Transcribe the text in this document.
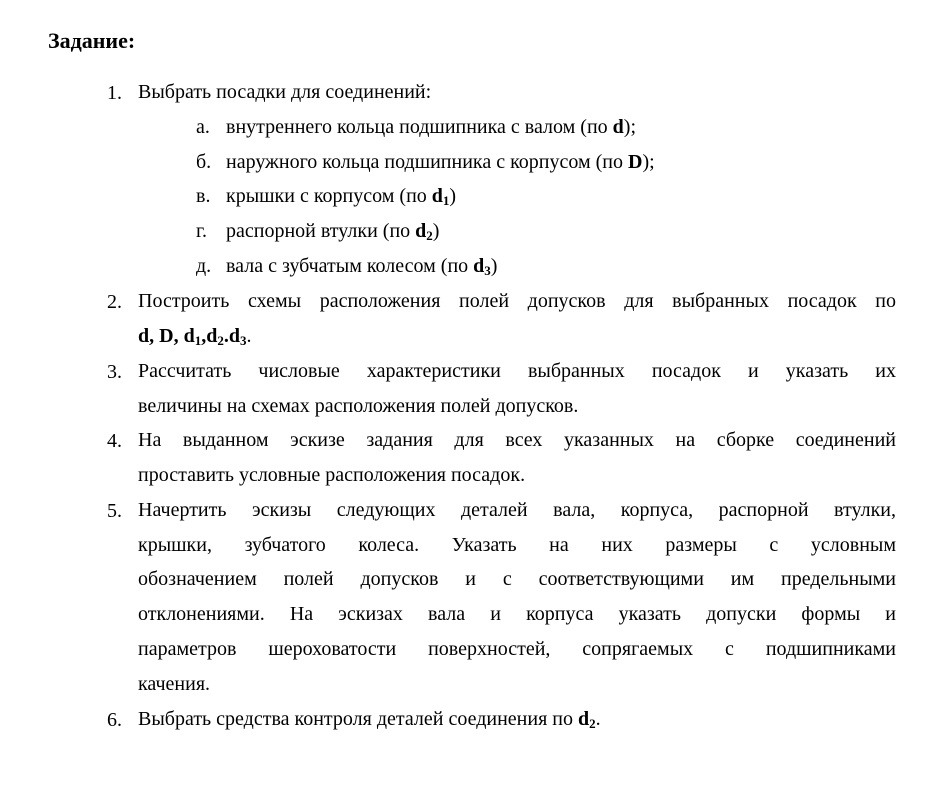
Задание:
1. Выбрать посадки для соединений:
а. внутреннего кольца подшипника с валом (по d);
б. наружного кольца подшипника с корпусом (по D);
в. крышки с корпусом (по $d_1$)
г. распорной втулки (по $d_2$)
д. вала с зубчатым колесом (по $d_3$)
2. Построить схемы расположения полей допусков для выбранных посадок по
d, D, $d_1,d_2.d_3$.
3. Рассчитать числовые характеристики выбранных посадок и указать их
величины на схемах расположения полей допусков.
4. На выданном эскизе задания для всех указанных на сборке соединений
проставить условные расположения посадок.
5. Начертить эскизы следующих деталей вала, корпуса, распорной втулки,
крышки, зубчатого колеса. Указать на них размеры с условным
обозначением полей допусков и с соответствующими им предельными
отклонениями. На эскизах вала и корпуса указать допуски формы и
параметров шероховатости поверхностей, сопрягаемых с подшипниками
качения.
6. Выбрать средства контроля деталей соединения по $d_2$.
